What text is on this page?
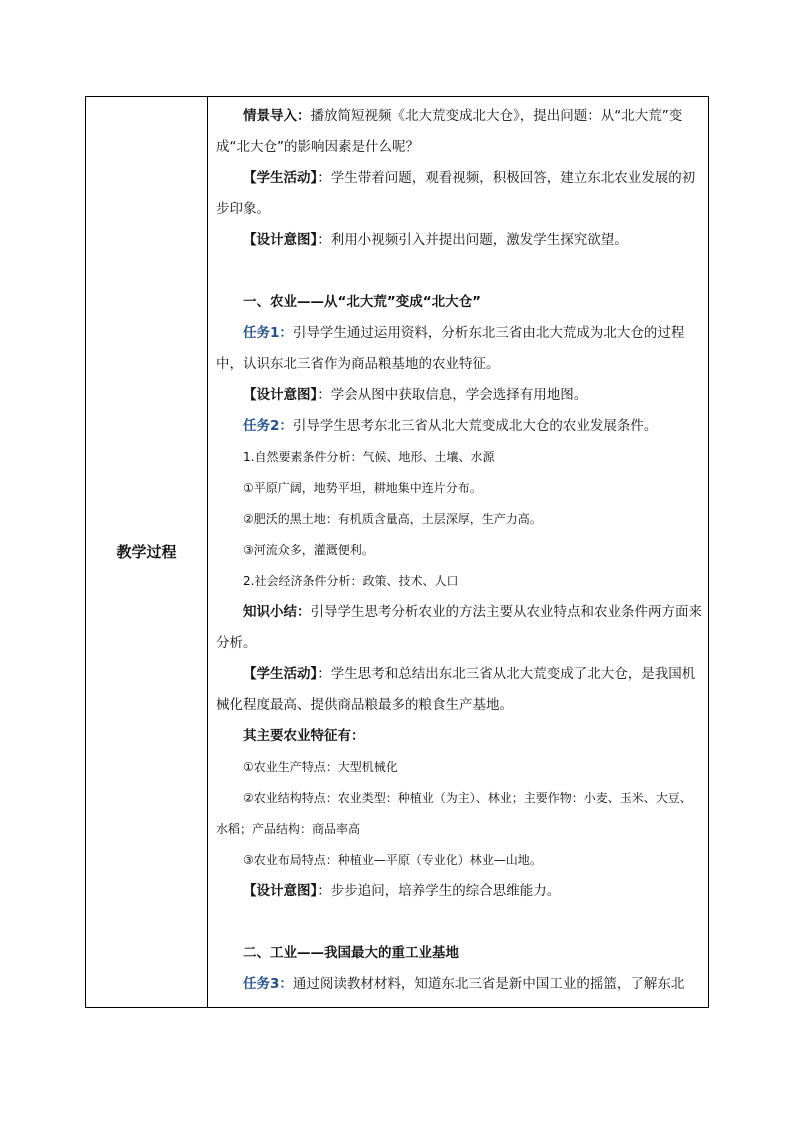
教学过程

情景导入：播放简短视频《北大荒变成北大仓》，提出问题：从“北大荒”变成“北大仓”的影响因素是什么呢？

【学生活动】：学生带着问题，观看视频，积极回答，建立东北农业发展的初步印象。

【设计意图】：利用小视频引入并提出问题，激发学生探究欲望。

一、农业——从“北大荒”变成“北大仓”

任务1：引导学生通过运用资料，分析东北三省由北大荒成为北大仓的过程中，认识东北三省作为商品粮基地的农业特征。

【设计意图】：学会从图中获取信息，学会选择有用地图。

任务2：引导学生思考东北三省从北大荒变成北大仓的农业发展条件。

1.自然要素条件分析：气候、地形、土壤、水源

①平原广阔，地势平坦，耕地集中连片分布。

②肥沃的黑土地：有机质含量高，土层深厚，生产力高。

③河流众多，灌溉便利。

2.社会经济条件分析：政策、技术、人口

知识小结：引导学生思考分析农业的方法主要从农业特点和农业条件两方面来分析。

【学生活动】：学生思考和总结出东北三省从北大荒变成了北大仓，是我国机械化程度最高、提供商品粮最多的粮食生产基地。

其主要农业特征有：

①农业生产特点：大型机械化

②农业结构特点：农业类型：种植业（为主）、林业；主要作物：小麦、玉米、大豆、水稻；产品结构：商品率高

③农业布局特点：种植业—平原（专业化）林业—山地。

【设计意图】：步步追问，培养学生的综合思维能力。

二、工业——我国最大的重工业基地

任务3：通过阅读教材材料，知道东北三省是新中国工业的摇篮，了解东北
